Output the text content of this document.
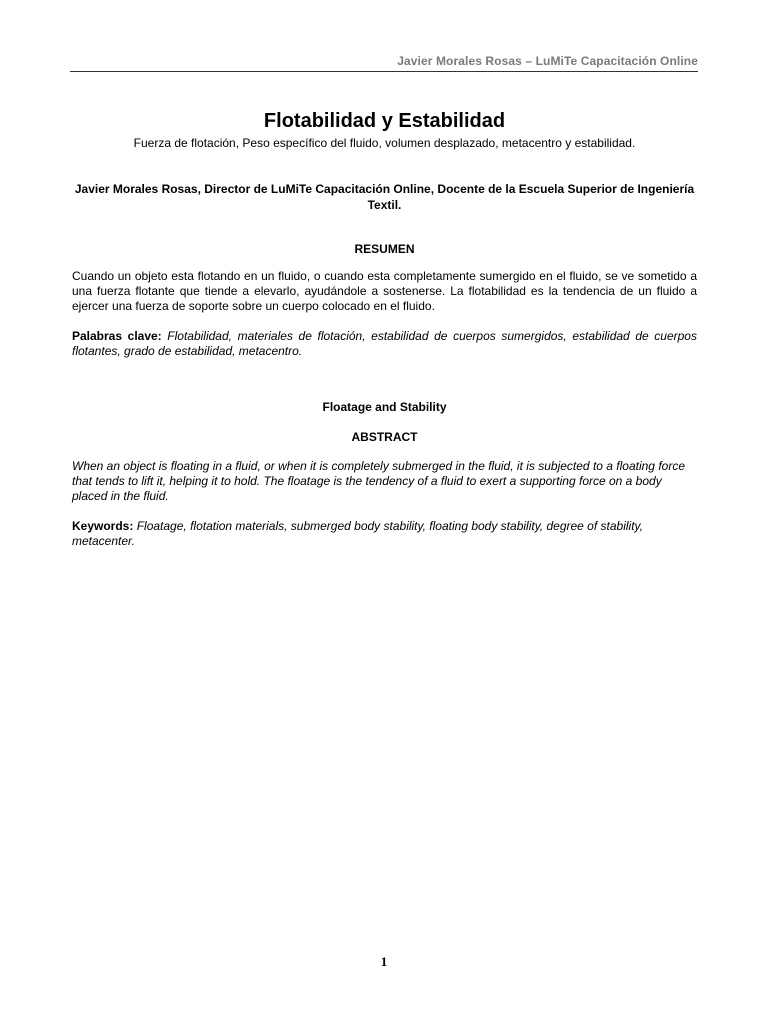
Javier Morales Rosas – LuMiTe Capacitación Online
Flotabilidad y Estabilidad

Fuerza de flotación, Peso específico del fluido, volumen desplazado, metacentro y estabilidad.

Javier Morales Rosas, Director de LuMiTe Capacitación Online, Docente de la Escuela Superior de Ingeniería Textil.

RESUMEN

Cuando un objeto esta flotando en un fluido, o cuando esta completamente sumergido en el fluido, se ve sometido a una fuerza flotante que tiende a elevarlo, ayudándole a sostenerse. La flotabilidad es la tendencia de un fluido a ejercer una fuerza de soporte sobre un cuerpo colocado en el fluido.

Palabras clave: Flotabilidad, materiales de flotación, estabilidad de cuerpos sumergidos, estabilidad de cuerpos flotantes, grado de estabilidad, metacentro.

Floatage and Stability
ABSTRACT

When an object is floating in a fluid, or when it is completely submerged in the fluid, it is subjected to a floating force that tends to lift it, helping it to hold. The floatage is the tendency of a fluid to exert a supporting force on a body placed in the fluid.

Keywords: Floatage, flotation materials, submerged body stability, floating body stability, degree of stability, metacenter.

1
